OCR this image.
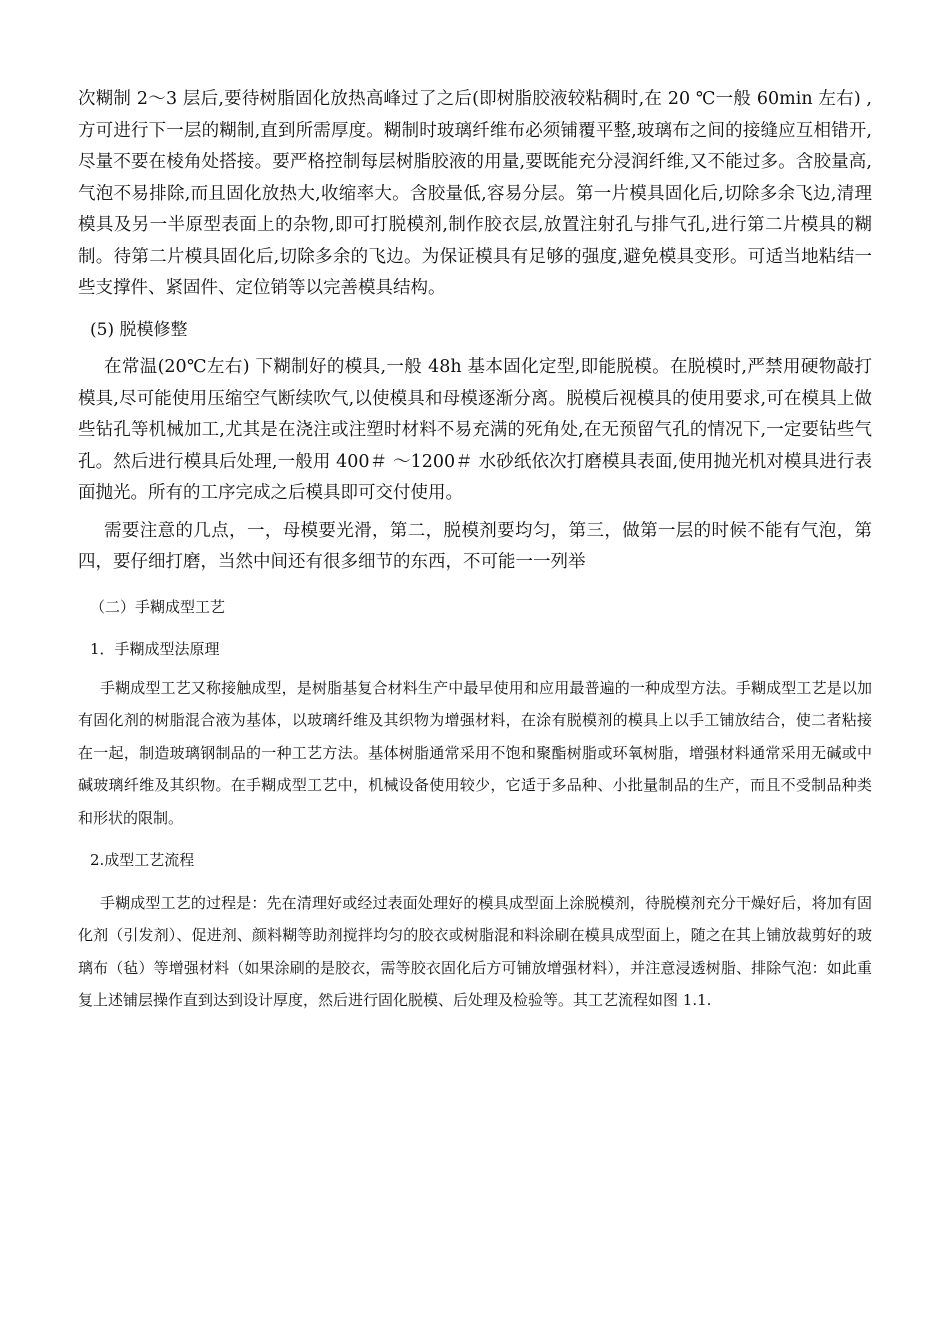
次糊制 2～3 层后,要待树脂固化放热高峰过了之后(即树脂胶液较粘稠时,在 20 ℃一般 60min 左右) ,方可进行下一层的糊制,直到所需厚度。糊制时玻璃纤维布必须铺覆平整,玻璃布之间的接缝应互相错开,尽量不要在棱角处搭接。要严格控制每层树脂胶液的用量,要既能充分浸润纤维,又不能过多。含胶量高,气泡不易排除,而且固化放热大,收缩率大。含胶量低,容易分层。第一片模具固化后,切除多余飞边,清理模具及另一半原型表面上的杂物,即可打脱模剂,制作胶衣层,放置注射孔与排气孔,进行第二片模具的糊制。待第二片模具固化后,切除多余的飞边。为保证模具有足够的强度,避免模具变形。可适当地粘结一些支撑件、紧固件、定位销等以完善模具结构。

(5) 脱模修整

在常温(20℃左右) 下糊制好的模具,一般 48h 基本固化定型,即能脱模。在脱模时,严禁用硬物敲打模具,尽可能使用压缩空气断续吹气,以使模具和母模逐渐分离。脱模后视模具的使用要求,可在模具上做些钻孔等机械加工,尤其是在浇注或注塑时材料不易充满的死角处,在无预留气孔的情况下,一定要钻些气孔。然后进行模具后处理,一般用 400＃ ～1200＃ 水砂纸依次打磨模具表面,使用抛光机对模具进行表面抛光。所有的工序完成之后模具即可交付使用。

需要注意的几点，一，母模要光滑，第二，脱模剂要均匀，第三，做第一层的时候不能有气泡，第四，要仔细打磨，当然中间还有很多细节的东西，不可能一一列举

（二）手糊成型工艺

1．手糊成型法原理

手糊成型工艺又称接触成型，是树脂基复合材料生产中最早使用和应用最普遍的一种成型方法。手糊成型工艺是以加有固化剂的树脂混合液为基体，以玻璃纤维及其织物为增强材料，在涂有脱模剂的模具上以手工铺放结合，使二者粘接在一起，制造玻璃钢制品的一种工艺方法。基体树脂通常采用不饱和聚酯树脂或环氧树脂，增强材料通常采用无碱或中碱玻璃纤维及其织物。在手糊成型工艺中，机械设备使用较少，它适于多品种、小批量制品的生产，而且不受制品种类和形状的限制。

2.成型工艺流程

手糊成型工艺的过程是：先在清理好或经过表面处理好的模具成型面上涂脱模剂，待脱模剂充分干燥好后，将加有固化剂（引发剂）、促进剂、颜料糊等助剂搅拌均匀的胶衣或树脂混和料涂刷在模具成型面上，随之在其上铺放裁剪好的玻璃布（毡）等增强材料（如果涂刷的是胶衣，需等胶衣固化后方可铺放增强材料），并注意浸透树脂、排除气泡：如此重复上述铺层操作直到达到设计厚度，然后进行固化脱模、后处理及检验等。其工艺流程如图 1.1.
